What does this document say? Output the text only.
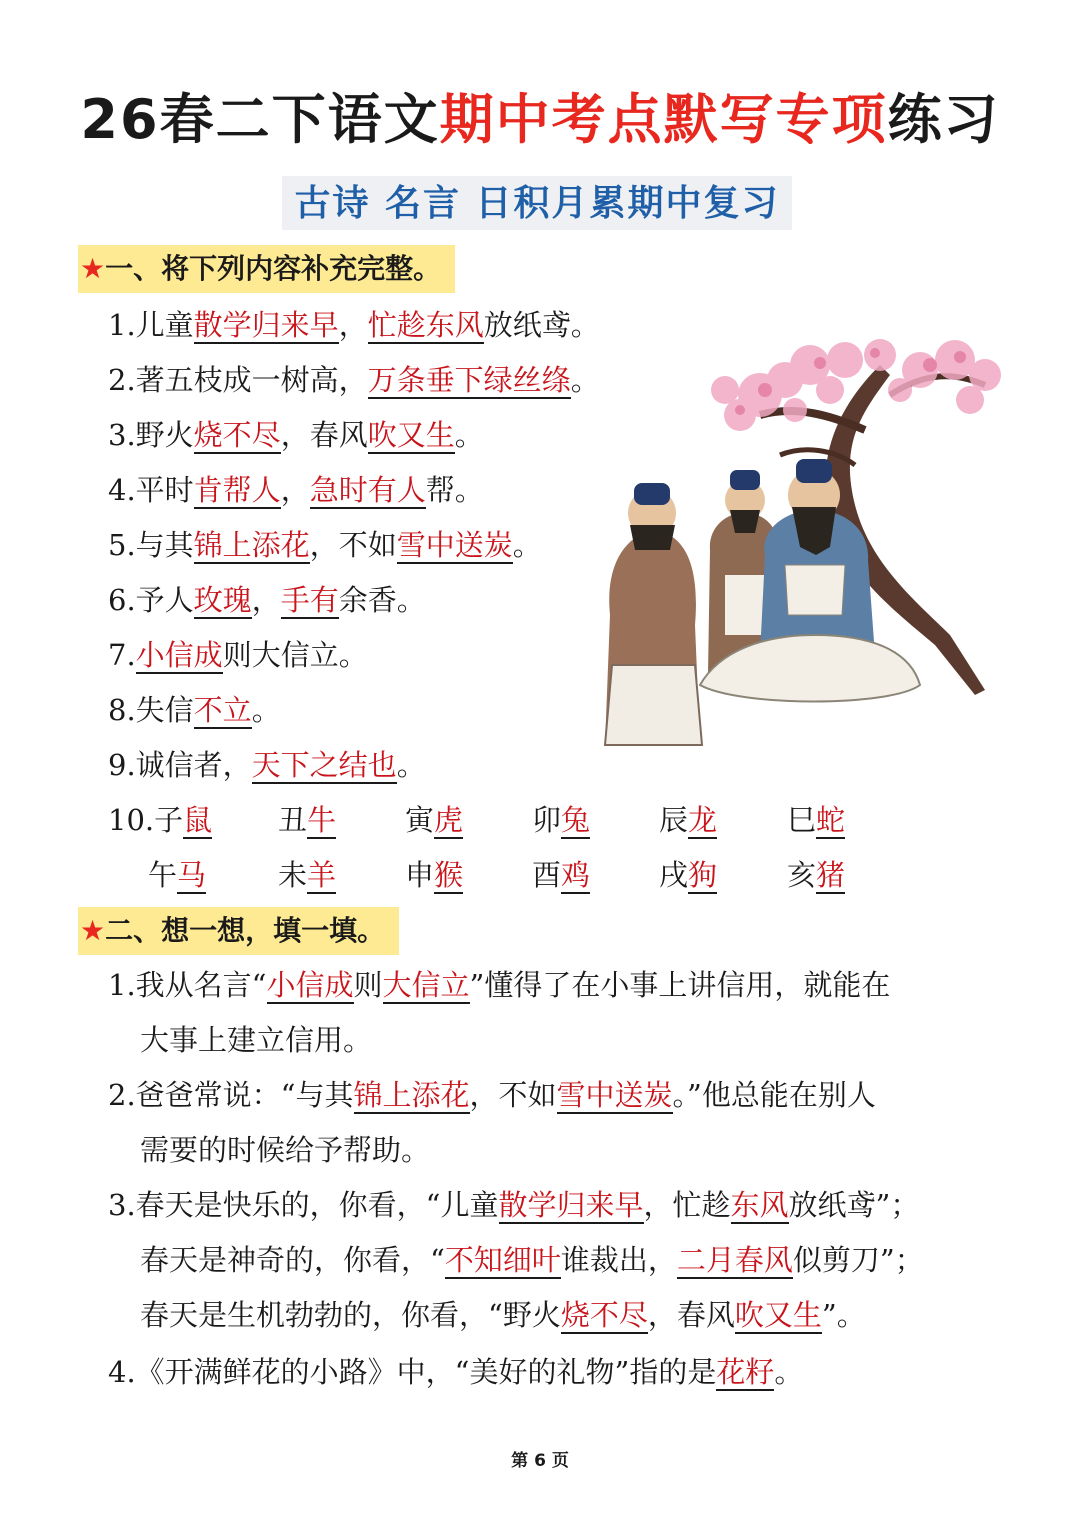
26春二下语文期中考点默写专项练习
古诗 名言 日积月累期中复习
★一、将下列内容补充完整。
1.儿童散学归来早，忙趁东风放纸鸢。
2.著五枝成一树高，万条垂下绿丝绦。
3.野火烧不尽，春风吹又生。
4.平时肯帮人，急时有人帮。
5.与其锦上添花，不如雪中送炭。
6.予人玫瑰，手有余香。
7.小信成则大信立。
8.失信不立。
9.诚信者，天下之结也。
10.子鼠 丑牛 寅虎 卯兔 辰龙 巳蛇
午马 未羊 申猴 酉鸡 戌狗 亥猪
★二、想一想，填一填。
1.我从名言“小信成则大信立”懂得了在小事上讲信用，就能在
大事上建立信用。
2.爸爸常说：“与其锦上添花，不如雪中送炭。”他总能在别人
需要的时候给予帮助。
3.春天是快乐的，你看，“儿童散学归来早，忙趁东风放纸鸢”；
春天是神奇的，你看，“不知细叶谁裁出，二月春风似剪刀”；
春天是生机勃勃的，你看，“野火烧不尽，春风吹又生”。
4.《开满鲜花的小路》中，“美好的礼物”指的是花籽。
第 6 页
